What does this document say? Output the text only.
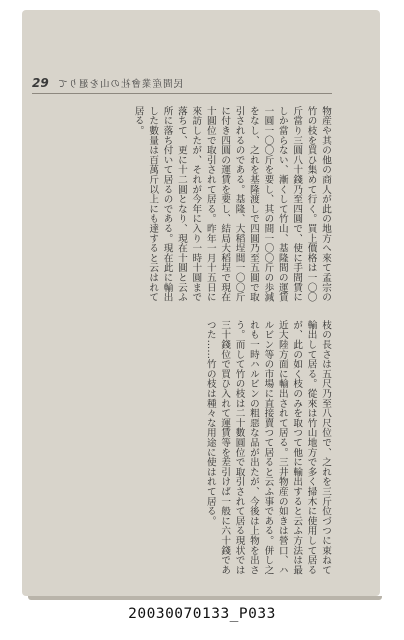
29 てり廻を山の社會業産間民

物産や其の他の商人が此の地方へ來て孟宗の竹の枝を買ひ集めて行く。買上價格は一〇〇斤當り三圓八十錢乃至四圓で、使に手間賃にしか當らない、漸くして竹山、基隆間の運賃一圓一〇〇斤を要し、其の間一〇〇斤の歩減をなし、之れを基隆渡しで四圓乃至五圓で取引されるのである。基隆、大稻埕間一〇〇斤に付き四圓の運賃を要し、結局大稻埕で現在十圓位で取引されて居る。昨年一月十五日に來訪したが、それが今年に入り一時十圓まで落ちて、更に十二圓となり、現在十圓と云ふ所に落ち付いて居るのである。現在此に輸出した數量は百萬斤以上にも達すると云はれて居る。

枝の長さは五尺乃至八尺位で、之れを三斤位づつに束ねて輸出して居る。從來は竹山地方で多く掃木に使用して居るが、此の如く枝のみを取つて他に輸出すると云ふ方法は最近大陸方面に輸出されて居る。三井物産の如きは營口、ハルビン等の市場に直接賣つて居ると云ふ事である。併し之れも一時ハルビンの粗惡な品が出たが、今後は上物を出さう。而して竹の枝は二十數圓位で取引されて居る現状では三十錢位で買ひ入れて運賃等を差引けば一般に六十錢であつた……竹の枝は種々な用途に使はれて居る。

20030070133_P033
